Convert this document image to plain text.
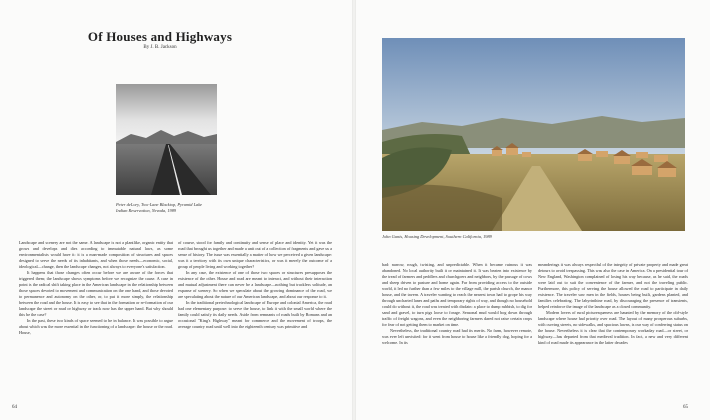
Of Houses and Highways

By J. B. Jackson

Peter deLory, Two-Lane Blacktop, Pyramid Lake
Indian Reservation, Nevada, 1989

Landscape and scenery are not the same. A landscape is not a plantlike, organic entity that grows and develops and dies according to immutable natural laws, as some environmentalists would have it: it is a man-made composition of structures and spaces designed to serve the needs of its inhabitants, and when those needs—economic, social, ideological—change, then the landscape changes, not always to everyone's satisfaction.

It happens that those changes often occur before we are aware of the forces that triggered them; the landscape shows symptoms before we recognize the cause. A case in point is the radical shift taking place in the American landscape in the relationship between those spaces devoted to movement and communication on the one hand, and those devoted to permanence and autonomy on the other, or, to put it more simply, the relationship between the road and the house. It is easy to see that in the formation or re-formation of our landscape the street or road or highway or track now has the upper hand. But why should this be the case?

In the past, these two kinds of space seemed to be in balance. It was possible to argue about which was the more essential in the functioning of a landscape: the house or the road. House,

of course, stood for family and continuity and sense of place and identity. Yet it was the road that brought us together and made a unit out of a collection of fragments and gave us a sense of history. The issue was essentially a matter of how we perceived a given landscape: was it a territory with its own unique characteristics, or was it merely the outcome of a group of people living and working together?

In any case, the existence of one of those two spaces or structures presupposes the existence of the other. House and road are meant to interact, and without their interaction and mutual adjustment there can never be a landscape—nothing but trackless solitude, an expanse of scenery. So when we speculate about the growing dominance of the road, we are speculating about the nature of our American landscape, and about our response to it.

In the traditional pretechnological landscape of Europe and colonial America, the road had one elementary purpose: to serve the house, to link it with the small world where the family could satisfy its daily needs. Aside from remnants of roads built by Romans and an occasional "King's Highway" meant for commerce and the movement of troops, the average country road until well into the eighteenth century was primitive and

64
John Ganis, Housing Development, Southern California, 1989

bad: narrow, rough, twisting, and unpredictable. When it became ruinous it was abandoned. No local authority built it or maintained it. It was beaten into existence by the tread of farmers and peddlers and churchgoers and neighbors, by the passage of cows and sheep driven to pasture and home again. Far from providing access to the outside world, it led no further than a few miles to the village mill, the parish church, the manor house, and the tavern. A traveler wanting to reach the nearest town had to grope his way through uncharted lanes and paths and temporary rights of way, and though no household could do without it, the road was treated with disdain: a place to dump rubbish, to dig for sand and gravel, to turn pigs loose to forage. Seasonal mud would bog down through traffic of freight wagons, and even the neighboring farmers dared not raise certain crops for fear of not getting them to market on time.

Nevertheless, the traditional country road had its merits. No farm, however remote, was ever left unvisited: for it went from house to house like a friendly dog, hoping for a welcome. In its

meanderings it was always respectful of the integrity of private property and made great detours to avoid trespassing. This was also the case in America. On a presidential tour of New England, Washington complained of losing his way because, as he said, the roads were laid out to suit the convenience of the farmer, and not the traveling public. Furthermore, this policy of serving the house allowed the road to participate in daily existence. The traveler saw men in the fields, houses being built, gardens planted, and families celebrating. The labyrinthine road, by discouraging the presence of transients, helped reinforce the image of the landscape as a closed community.

Modern lovers of rural picturesqueness are haunted by the memory of the old-style landscape where house had priority over road. The layout of many prosperous suburbs, with curving streets, no sidewalks, and spacious lawns, is our way of conferring status on the house. Nevertheless it is clear that the contemporary workaday road—or street, or highway—has departed from that medieval tradition. In fact, a new and very different kind of road made its appearance in the latter decades

65
